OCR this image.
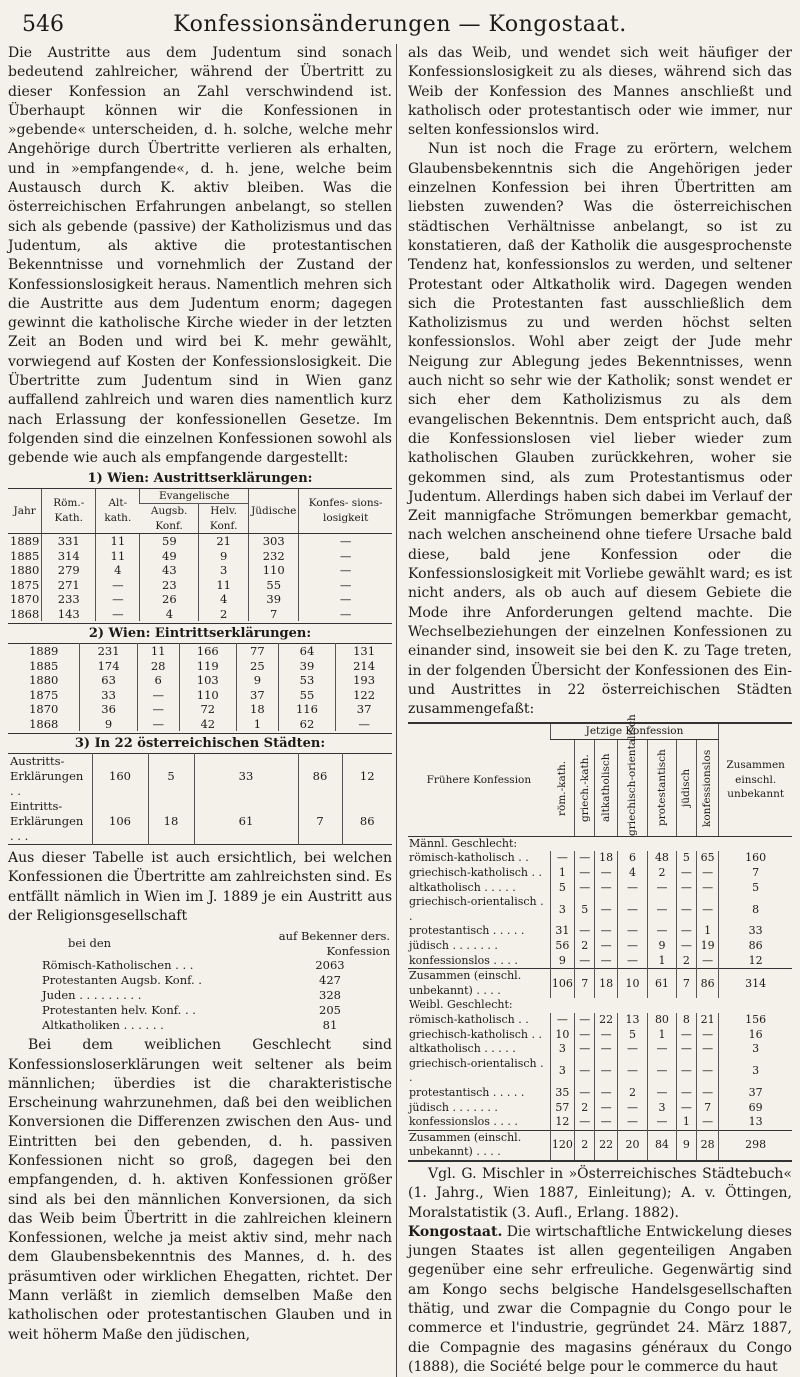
546	Konfessionsänderungen — Kongostaat.

Die Austritte aus dem Judentum sind sonach bedeutend zahlreicher, während der Übertritt zu dieser Konfession an Zahl verschwindend ist. Überhaupt können wir die Konfessionen in »gebende« unterscheiden, d. h. solche, welche mehr Angehörige durch Übertritte verlieren als erhalten, und in »empfangende«, d. h. jene, welche beim Austausch durch K. aktiv bleiben. Was die österreichischen Erfahrungen anbelangt, so stellen sich als gebende (passive) der Katholizismus und das Judentum, als aktive die protestantischen Bekenntnisse und vornehmlich der Zustand der Konfessionslosigkeit heraus. Namentlich mehren sich die Austritte aus dem Judentum enorm; dagegen gewinnt die katholische Kirche wieder in der letzten Zeit an Boden und wird bei K. mehr gewählt, vorwiegend auf Kosten der Konfessionslosigkeit. Die Übertritte zum Judentum sind in Wien ganz auffallend zahlreich und waren dies namentlich kurz nach Erlassung der konfessionellen Gesetze. Im folgenden sind die einzelnen Konfessionen sowohl als gebende wie auch als empfangende dargestellt:

1) Wien: Austrittserklärungen:
Jahr	Röm.- Kath.	Alt- kath.	Evangelische		Jüdische	Konfes- sions- losigkeit
			Augsb. Konf.	Helv. Konf.		
1889	331	11	59	21	303	—
1885	314	11	49	9	232	—
1880	279	4	43	3	110	—
1875	271	—	23	11	55	—
1870	233	—	26	4	39	—
1868	143	—	4	2	7	—
2) Wien: Eintrittserklärungen:
1889	231	11	166	77	64	131
1885	174	28	119	25	39	214
1880	63	6	103	9	53	193
1875	33	—	110	37	55	122
1870	36	—	72	18	116	37
1868	9	—	42	1	62	—
3) In 22 österreichischen Städten:
Austritts-Erklärungen . .	160	5	33	86	12
Eintritts-Erklärungen . . .	106	18	61	7	86

Aus dieser Tabelle ist auch ersichtlich, bei welchen Konfessionen die Übertritte am zahlreichsten sind. Es entfällt nämlich in Wien im J. 1889 je ein Austritt aus der Religionsgesellschaft

bei den	auf Bekenner ders. Konfession
Römisch-Katholischen . . .	2063
Protestanten Augsb. Konf. .	427
Juden . . . . . . . . .	328
Protestanten helv. Konf. . .	205
Altkatholiken . . . . . .	81

Bei dem weiblichen Geschlecht sind Konfessionsloserklärungen weit seltener als beim männlichen; überdies ist die charakteristische Erscheinung wahrzunehmen, daß bei den weiblichen Konversionen die Differenzen zwischen den Aus- und Eintritten bei den gebenden, d. h. passiven Konfessionen nicht so groß, dagegen bei den empfangenden, d. h. aktiven Konfessionen größer sind als bei den männlichen Konversionen, da sich das Weib beim Übertritt in die zahlreichen kleinern Konfessionen, welche ja meist aktiv sind, mehr nach dem Glaubensbekenntnis des Mannes, d. h. des präsumtiven oder wirklichen Ehegatten, richtet. Der Mann verläßt in ziemlich demselben Maße den katholischen oder protestantischen Glauben und in weit höherm Maße den jüdischen,

als das Weib, und wendet sich weit häufiger der Konfessionslosigkeit zu als dieses, während sich das Weib der Konfession des Mannes anschließt und katholisch oder protestantisch oder wie immer, nur selten konfessionslos wird.

Nun ist noch die Frage zu erörtern, welchem Glaubensbekenntnis sich die Angehörigen jeder einzelnen Konfession bei ihren Übertritten am liebsten zuwenden? Was die österreichischen städtischen Verhältnisse anbelangt, so ist zu konstatieren, daß der Katholik die ausgesprochenste Tendenz hat, konfessionslos zu werden, und seltener Protestant oder Altkatholik wird. Dagegen wenden sich die Protestanten fast ausschließlich dem Katholizismus zu und werden höchst selten konfessionslos. Wohl aber zeigt der Jude mehr Neigung zur Ablegung jedes Bekenntnisses, wenn auch nicht so sehr wie der Katholik; sonst wendet er sich eher dem Katholizismus zu als dem evangelischen Bekenntnis. Dem entspricht auch, daß die Konfessionslosen viel lieber wieder zum katholischen Glauben zurückkehren, woher sie gekommen sind, als zum Protestantismus oder Judentum. Allerdings haben sich dabei im Verlauf der Zeit mannigfache Strömungen bemerkbar gemacht, nach welchen anscheinend ohne tiefere Ursache bald diese, bald jene Konfession oder die Konfessionslosigkeit mit Vorliebe gewählt ward; es ist nicht anders, als ob auch auf diesem Gebiete die Mode ihre Anforderungen geltend machte. Die Wechselbeziehungen der einzelnen Konfessionen zu einander sind, insoweit sie bei den K. zu Tage treten, in der folgenden Übersicht der Konfessionen des Ein- und Austrittes in 22 österreichischen Städten zusammengefaßt:

Frühere Konfession	Jetzige Konfession							Zusammen einschl. unbekannt

	röm.-kath.	griech.-kath.	altkatholisch	griechisch-orientalisch	protestantisch	jüdisch	konfessionslos	

Männl. Geschlecht:								
römisch-katholisch . .	—	—	18	6	48	5	65	160
griechisch-katholisch . .	1	—	—	4	2	—	—	7
altkatholisch . . . . .	5	—	—	—	—	—	—	5
griechisch-orientalisch . .	3	5	—	—	—	—	—	8
protestantisch . . . . .	31	—	—	—	—	—	1	33
jüdisch . . . . . . .	56	2	—	—	9	—	19	86
konfessionslos . . . .	9	—	—	—	1	2	—	12
Zusammen (einschl. unbekannt) . . . .	106	7	18	10	61	7	86	314
Weibl. Geschlecht:								
römisch-katholisch . .	—	—	22	13	80	8	21	156
griechisch-katholisch . .	10	—	—	5	1	—	—	16
altkatholisch . . . . .	3	—	—	—	—	—	—	3
griechisch-orientalisch . .	3	—	—	—	—	—	—	3
protestantisch . . . . .	35	—	—	2	—	—	—	37
jüdisch . . . . . . .	57	2	—	—	3	—	7	69
konfessionslos . . . .	12	—	—	—	—	1	—	13
Zusammen (einschl. unbekannt) . . . .	120	2	22	20	84	9	28	298

Vgl. G. Mischler in »Österreichisches Städtebuch« (1. Jahrg., Wien 1887, Einleitung); A. v. Öttingen, Moralstatistik (3. Aufl., Erlang. 1882).

Kongostaat. Die wirtschaftliche Entwickelung dieses jungen Staates ist allen gegenteiligen Angaben gegenüber eine sehr erfreuliche. Gegenwärtig sind am Kongo sechs belgische Handelsgesellschaften thätig, und zwar die Compagnie du Congo pour le commerce et l'industrie, gegründet 24. März 1887, die Compagnie des magasins généraux du Congo (1888), die Société belge pour le commerce du haut
